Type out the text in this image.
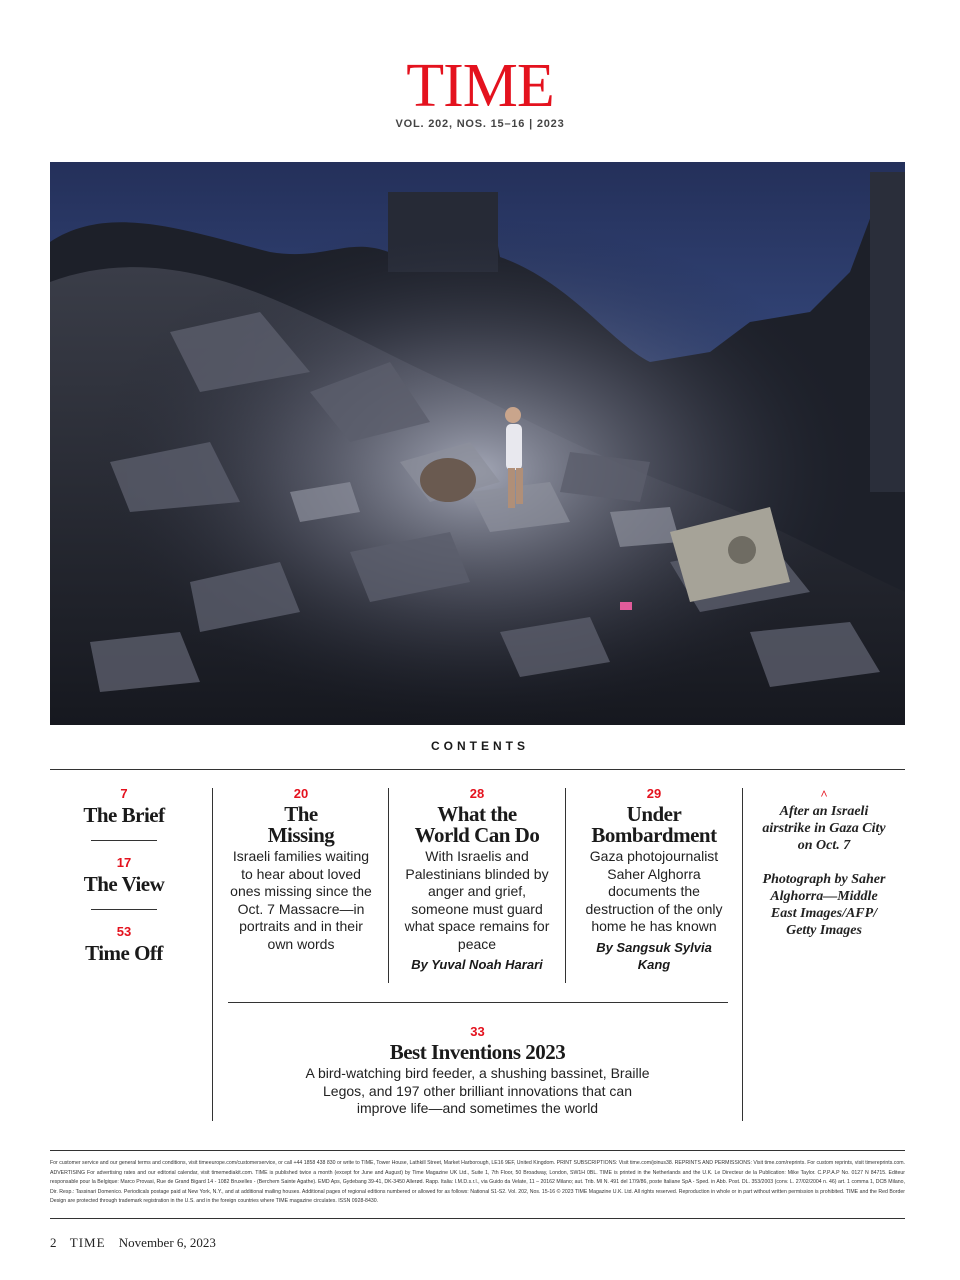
TIME
VOL. 202, NOS. 15–16 | 2023
CONTENTS
7
The Brief
17
The View
53
Time Off
20
The
Missing
Israeli families waiting to hear about loved ones missing since the Oct. 7 Massacre—in portraits and in their own words
28
What the
World Can Do
With Israelis and Palestinians blinded by anger and grief, someone must guard what space remains for peace
By Yuval Noah Harari
29
Under
Bombardment
Gaza photojournalist Saher Alghorra documents the destruction of the only home he has known
By Sangsuk Sylvia Kang
33
Best Inventions 2023
A bird-watching bird feeder, a shushing bassinet, Braille Legos, and 197 other brilliant innovations that can improve life—and sometimes the world
^
After an Israeli airstrike in Gaza City on Oct. 7
Photograph by Saher Alghorra—Middle East Images/AFP/ Getty Images
For customer service and our general terms and conditions, visit timeeurope.com/customerservice, or call +44 1858 438 830 or write to TIME, Tower House, Lathkill Street, Market Harborough, LE16 9EF, United Kingdom. PRINT SUBSCRIPTIONS: Visit time.com/joinus38. REPRINTS AND PERMISSIONS: Visit time.com/reprints. For custom reprints, visit timereprints.com. ADVERTISING For advertising rates and our editorial calendar, visit timemediakit.com. TIME is published twice a month (except for June and August) by Time Magazine UK Ltd., Suite 1, 7th Floor, 50 Broadway, London, SW1H 0BL. TIME is printed in the Netherlands and the U.K. Le Directeur de la Publication: Mike Taylor. C.P.P.A.P No. 0127 N 84715. Editeur responsable pour la Belgique: Marco Provasi, Rue de Grand Bigard 14 - 1082 Bruxelles - (Berchem Sainte Agathe). EMD Aps, Gydebang 39-41, DK-3450 Allerød. Rapp. Italia: I.M.D.s.r.l., via Guido da Velate, 11 – 20162 Milano; aut. Trib. MI N. 491 del 17/9/86, poste Italiane SpA - Sped. in Abb. Post. DL. 353/2003 (conv. L. 27/02/2004 n. 46) art. 1 comma 1, DCB Milano, Dir. Resp.: Tassinari Domenico. Periodicals postage paid at New York, N.Y., and at additional mailing houses. Additional pages of regional editions numbered or allowed for as follows: National S1-S2. Vol. 202, Nos. 15-16 © 2023 TIME Magazine U.K. Ltd. All rights reserved. Reproduction in whole or in part without written permission is prohibited. TIME and the Red Border Design are protected through trademark registration in the U.S. and in the foreign countries where TIME magazine circulates. ISSN 0928-8430.
2 TIME November 6, 2023
